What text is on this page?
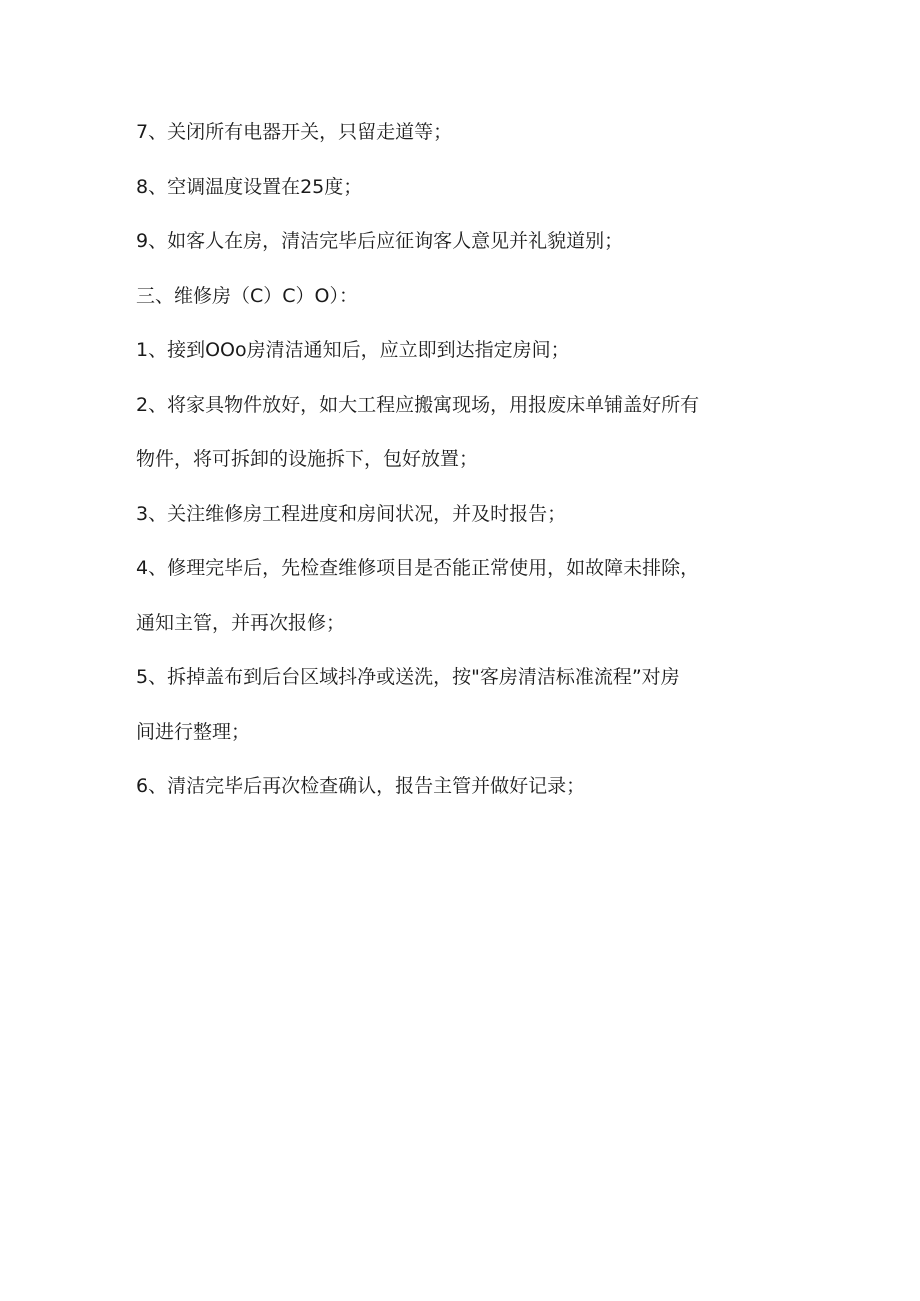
7、关闭所有电器开关，只留走道等；
8、空调温度设置在25度；
9、如客人在房，清洁完毕后应征询客人意见并礼貌道别；
三、维修房（C）C）O）：
1、接到OOo房清洁通知后，应立即到达指定房间；
2、将家具物件放好，如大工程应搬寓现场，用报废床单铺盖好所有
物件，将可拆卸的设施拆下，包好放置；
3、关注维修房工程进度和房间状况，并及时报告；
4、修理完毕后，先检查维修项目是否能正常使用，如故障未排除，
通知主管，并再次报修；
5、拆掉盖布到后台区域抖净或送洗，按"客房清洁标准流程”对房
间进行整理；
6、清洁完毕后再次检查确认，报告主管并做好记录；
